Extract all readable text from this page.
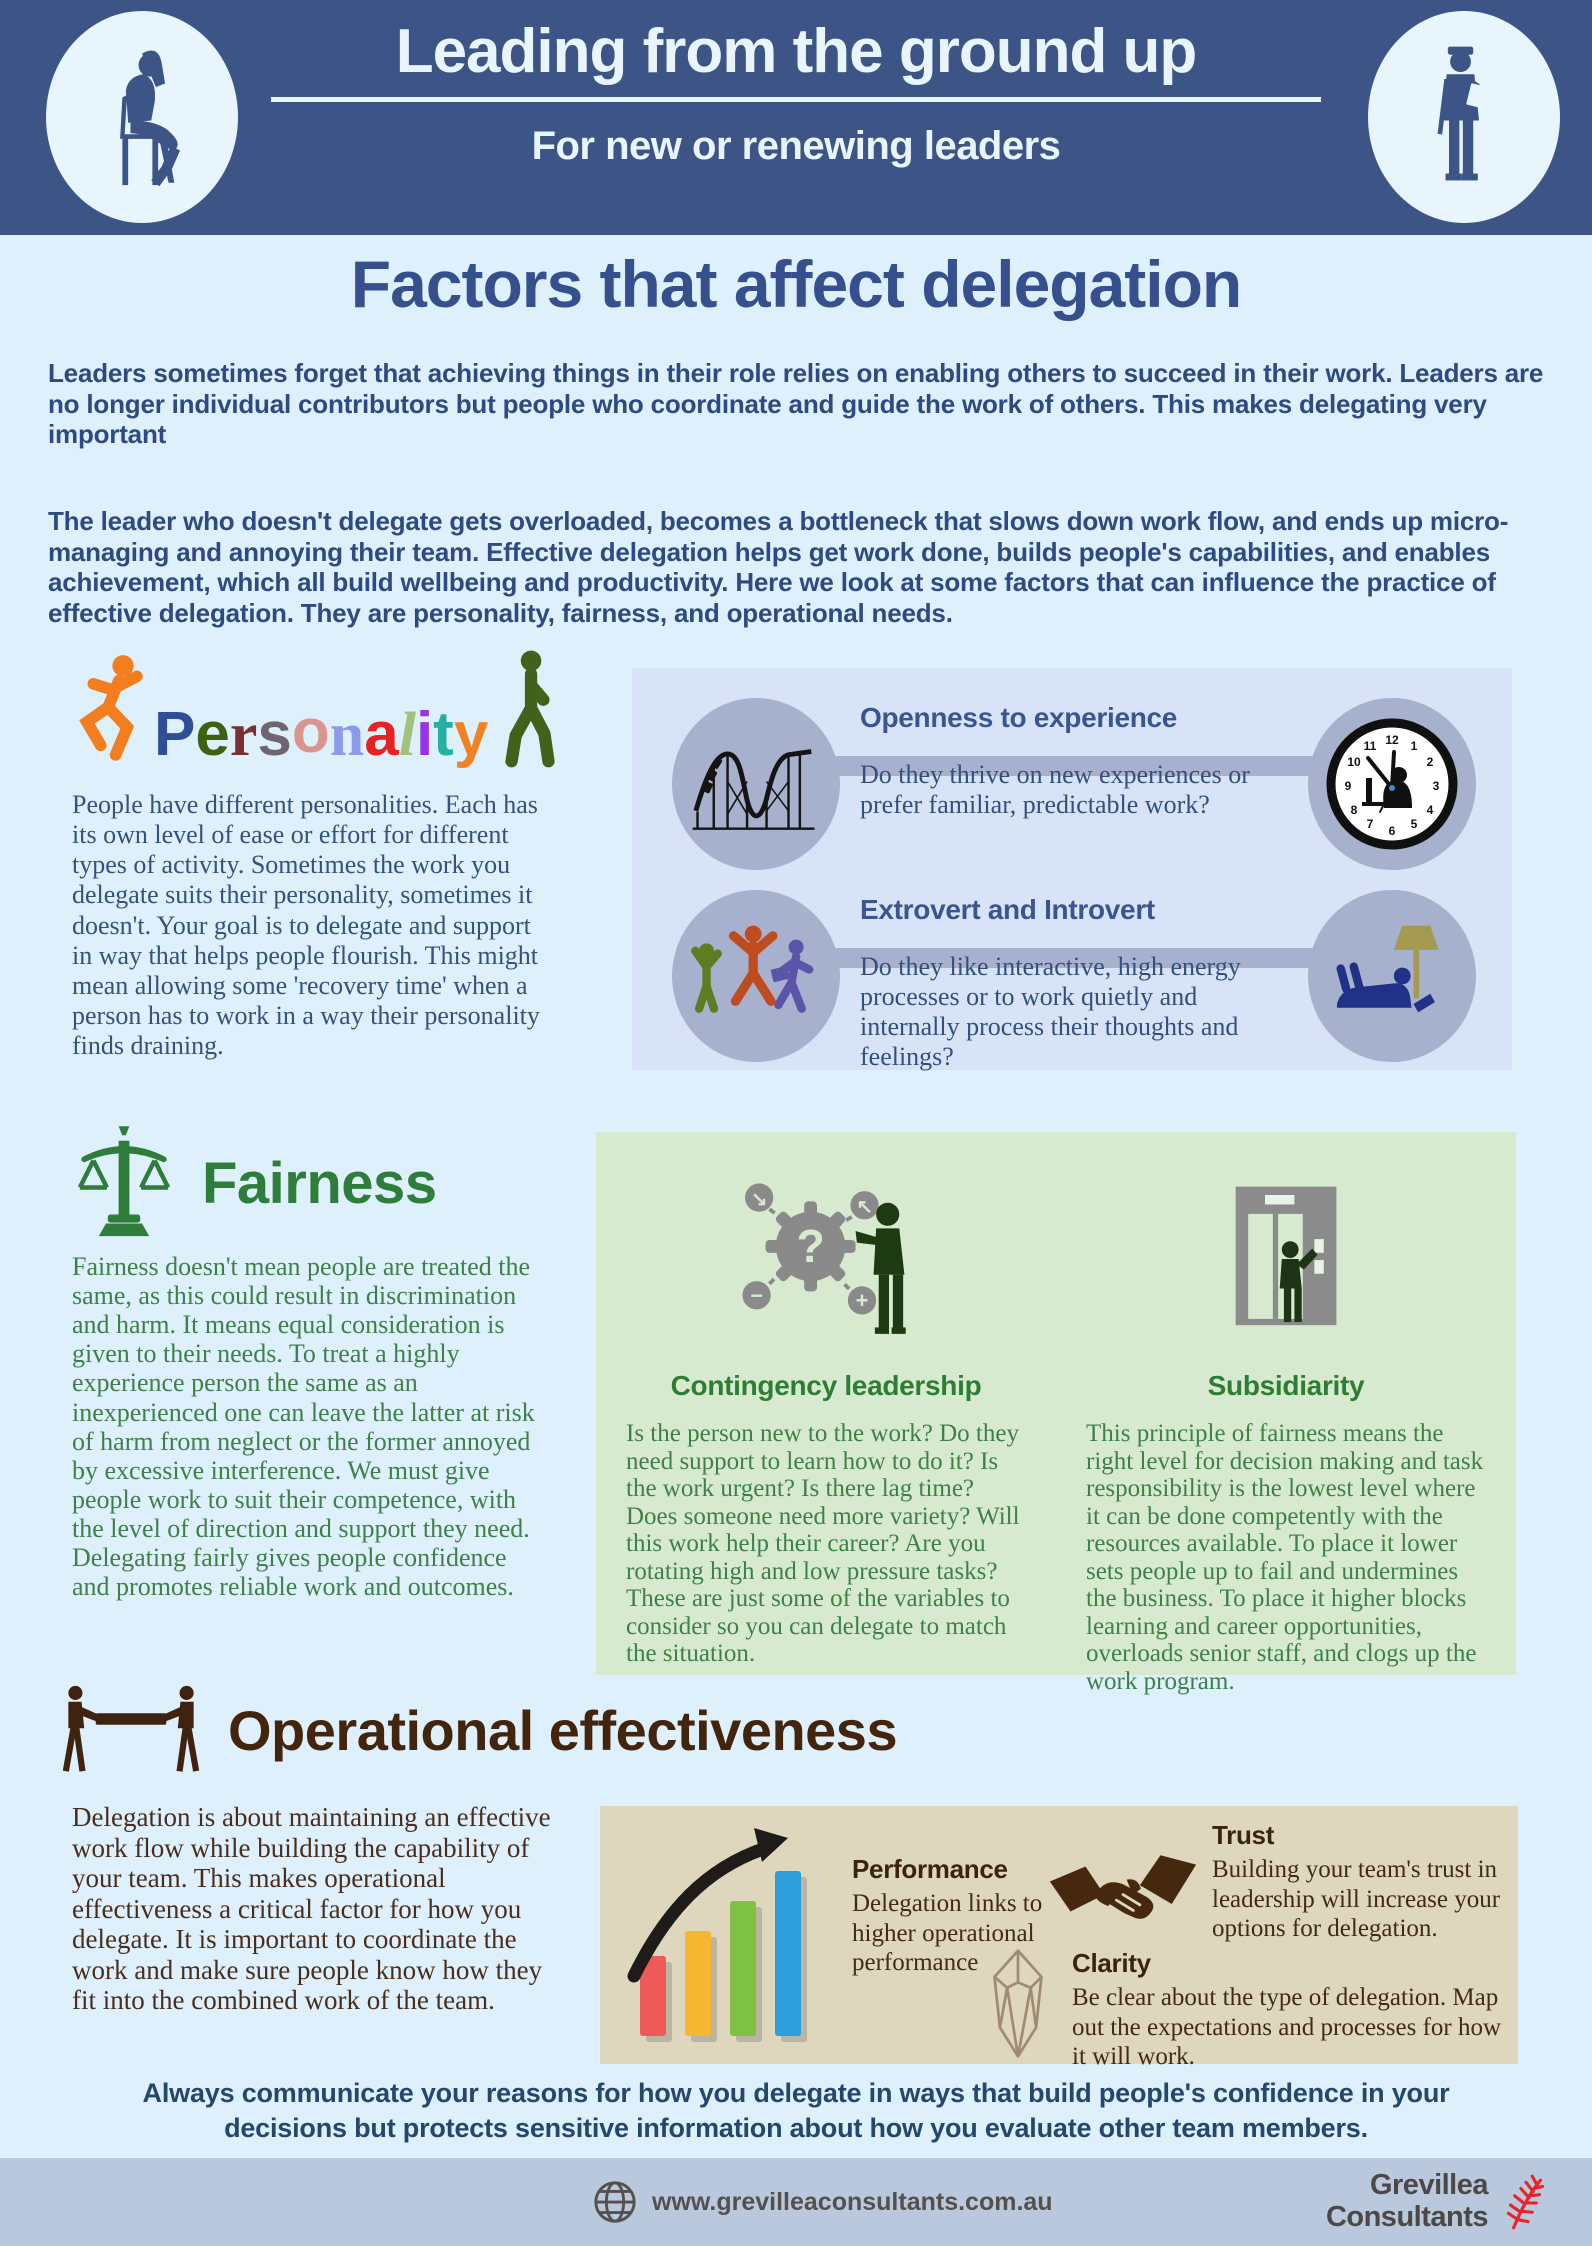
Leading from the ground up
For new or renewing leaders
Factors that affect delegation
Leaders sometimes forget that achieving things in their role relies on enabling others to succeed in their work. Leaders are no longer individual contributors but people who coordinate and guide the work of others. This makes delegating very important
The leader who doesn't delegate gets overloaded, becomes a bottleneck that slows down work flow, and ends up micro-managing and annoying their team. Effective delegation helps get work done, builds people's capabilities, and enables achievement, which all build wellbeing and productivity. Here we look at some factors that can influence the practice of effective delegation. They are personality, fairness, and operational needs.
Personality
People have different personalities. Each has its own level of ease or effort for different types of activity. Sometimes the work you delegate suits their personality, sometimes it doesn't. Your goal is to delegate and support in way that helps people flourish. This might mean allowing some 'recovery time' when a person has to work in a way their personality finds draining.
Openness to experience
Do they thrive on new experiences or prefer familiar, predictable work?
12 1
2
3
4
5
6
7
8
9
10
11
Extrovert and Introvert
Do they like interactive, high energy processes or to work quietly and internally process their thoughts and feelings?
Fairness
Fairness doesn't mean people are treated the same, as this could result in discrimination and harm. It means equal consideration is given to their needs. To treat a highly experience person the same as an inexperienced one can leave the latter at risk of harm from neglect or the former annoyed by excessive interference. We must give people work to suit their competence, with the level of direction and support they need. Delegating fairly gives people confidence and promotes reliable work and outcomes.
?
↘	↖
−	+
Contingency leadership
Is the person new to the work? Do they need support to learn how to do it? Is the work urgent? Is there lag time? Does someone need more variety? Will this work help their career? Are you rotating high and low pressure tasks? These are just some of the variables to consider so you can delegate to match the situation.
Subsidiarity
This principle of fairness means the right level for decision making and task responsibility is the lowest level where it can be done competently with the resources available. To place it lower sets people up to fail and undermines the business. To place it higher blocks learning and career opportunities, overloads senior staff, and clogs up the work program.
Operational effectiveness
Delegation is about maintaining an effective work flow while building the capability of your team. This makes operational effectiveness a critical factor for how you delegate. It is important to coordinate the work and make sure people know how they fit into the combined work of the team.
Performance
Delegation links to higher operational performance
Trust
Building your team's trust in leadership will increase your options for delegation.
Clarity
Be clear about the type of delegation. Map out the expectations and processes for how it will work.
Always communicate your reasons for how you delegate in ways that build people's confidence in your decisions but protects sensitive information about how you evaluate other team members.
www.grevilleaconsultants.com.au
Grevillea
Consultants
